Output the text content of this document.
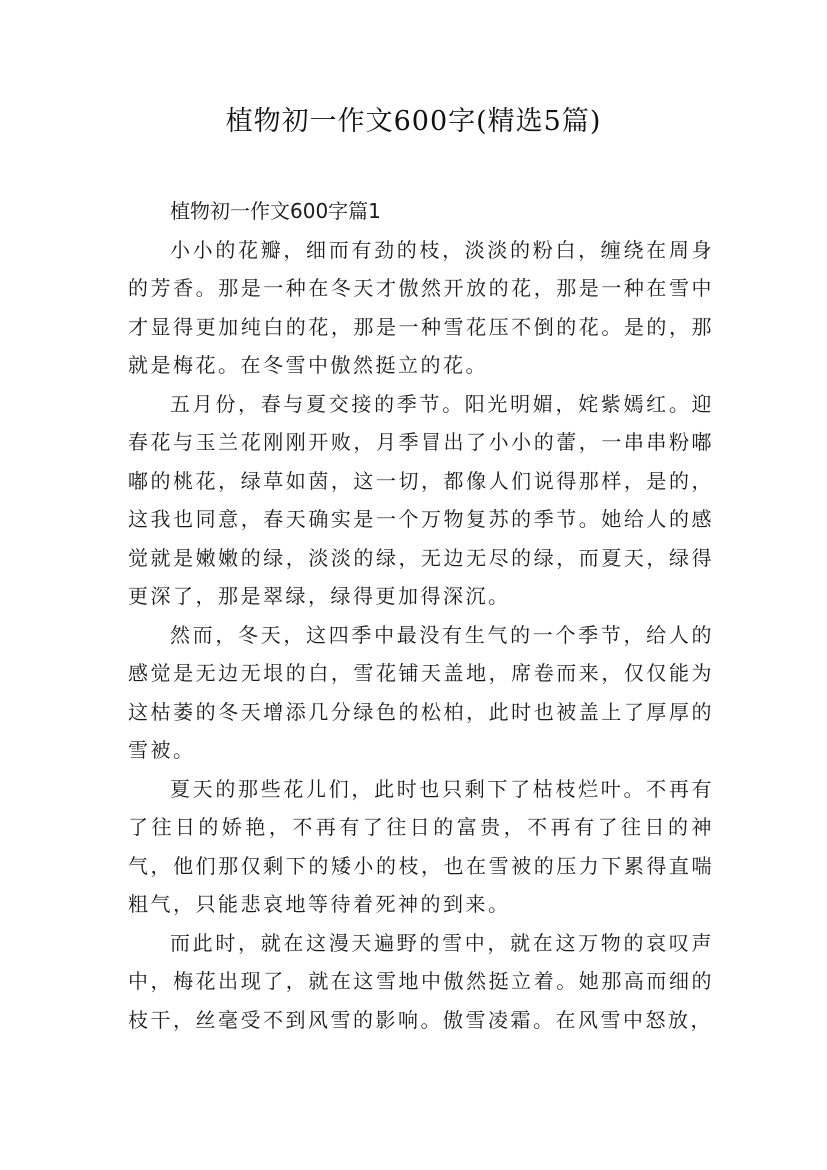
植物初一作文600字(精选5篇)
植物初一作文600字篇1

小小的花瓣，细而有劲的枝，淡淡的粉白，缠绕在周身的芳香。那是一种在冬天才傲然开放的花，那是一种在雪中才显得更加纯白的花，那是一种雪花压不倒的花。是的，那就是梅花。在冬雪中傲然挺立的花。

五月份，春与夏交接的季节。阳光明媚，姹紫嫣红。迎春花与玉兰花刚刚开败，月季冒出了小小的蕾，一串串粉嘟嘟的桃花，绿草如茵，这一切，都像人们说得那样，是的，这我也同意，春天确实是一个万物复苏的季节。她给人的感觉就是嫩嫩的绿，淡淡的绿，无边无尽的绿，而夏天，绿得更深了，那是翠绿，绿得更加得深沉。

然而，冬天，这四季中最没有生气的一个季节，给人的感觉是无边无垠的白，雪花铺天盖地，席卷而来，仅仅能为这枯萎的冬天增添几分绿色的松柏，此时也被盖上了厚厚的雪被。

夏天的那些花儿们，此时也只剩下了枯枝烂叶。不再有了往日的娇艳，不再有了往日的富贵，不再有了往日的神气，他们那仅剩下的矮小的枝，也在雪被的压力下累得直喘粗气，只能悲哀地等待着死神的到来。

而此时，就在这漫天遍野的雪中，就在这万物的哀叹声中，梅花出现了，就在这雪地中傲然挺立着。她那高而细的枝干，丝毫受不到风雪的影响。傲雪凌霜。在风雪中怒放，
